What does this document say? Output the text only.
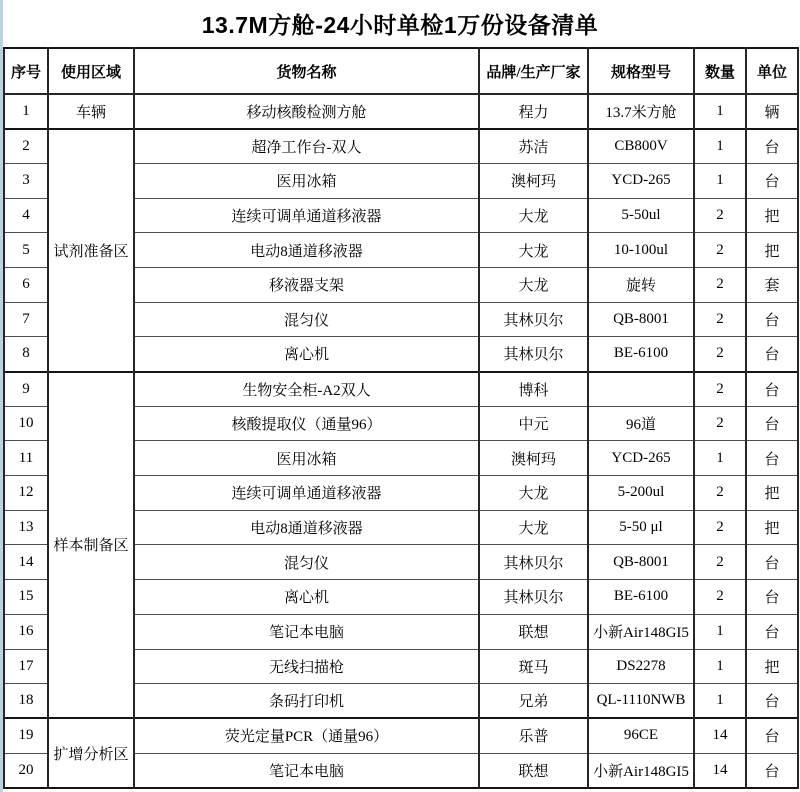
13.7M方舱-24小时单检1万份设备清单
序号	使用区域	货物名称	品牌/生产厂家	规格型号	数量	单位
1	车辆	移动核酸检测方舱	程力	13.7米方舱	1	辆
2	试剂准备区	超净工作台-双人	苏洁	CB800V	1	台
3		医用冰箱	澳柯玛	YCD-265	1	台
4		连续可调单通道移液器	大龙	5-50ul	2	把
5		电动8通道移液器	大龙	10-100ul	2	把
6		移液器支架	大龙	旋转	2	套
7		混匀仪	其林贝尔	QB-8001	2	台
8		离心机	其林贝尔	BE-6100	2	台
9	样本制备区	生物安全柜-A2双人	博科		2	台
10		核酸提取仪（通量96）	中元	96道	2	台
11		医用冰箱	澳柯玛	YCD-265	1	台
12		连续可调单通道移液器	大龙	5-200ul	2	把
13		电动8通道移液器	大龙	5-50 μl	2	把
14		混匀仪	其林贝尔	QB-8001	2	台
15		离心机	其林贝尔	BE-6100	2	台
16		笔记本电脑	联想	小新Air148GI5	1	台
17		无线扫描枪	斑马	DS2278	1	把
18		条码打印机	兄弟	QL-1110NWB	1	台
19	扩增分析区	荧光定量PCR（通量96）	乐普	96CE	14	台
20		笔记本电脑	联想	小新Air148GI5	14	台
